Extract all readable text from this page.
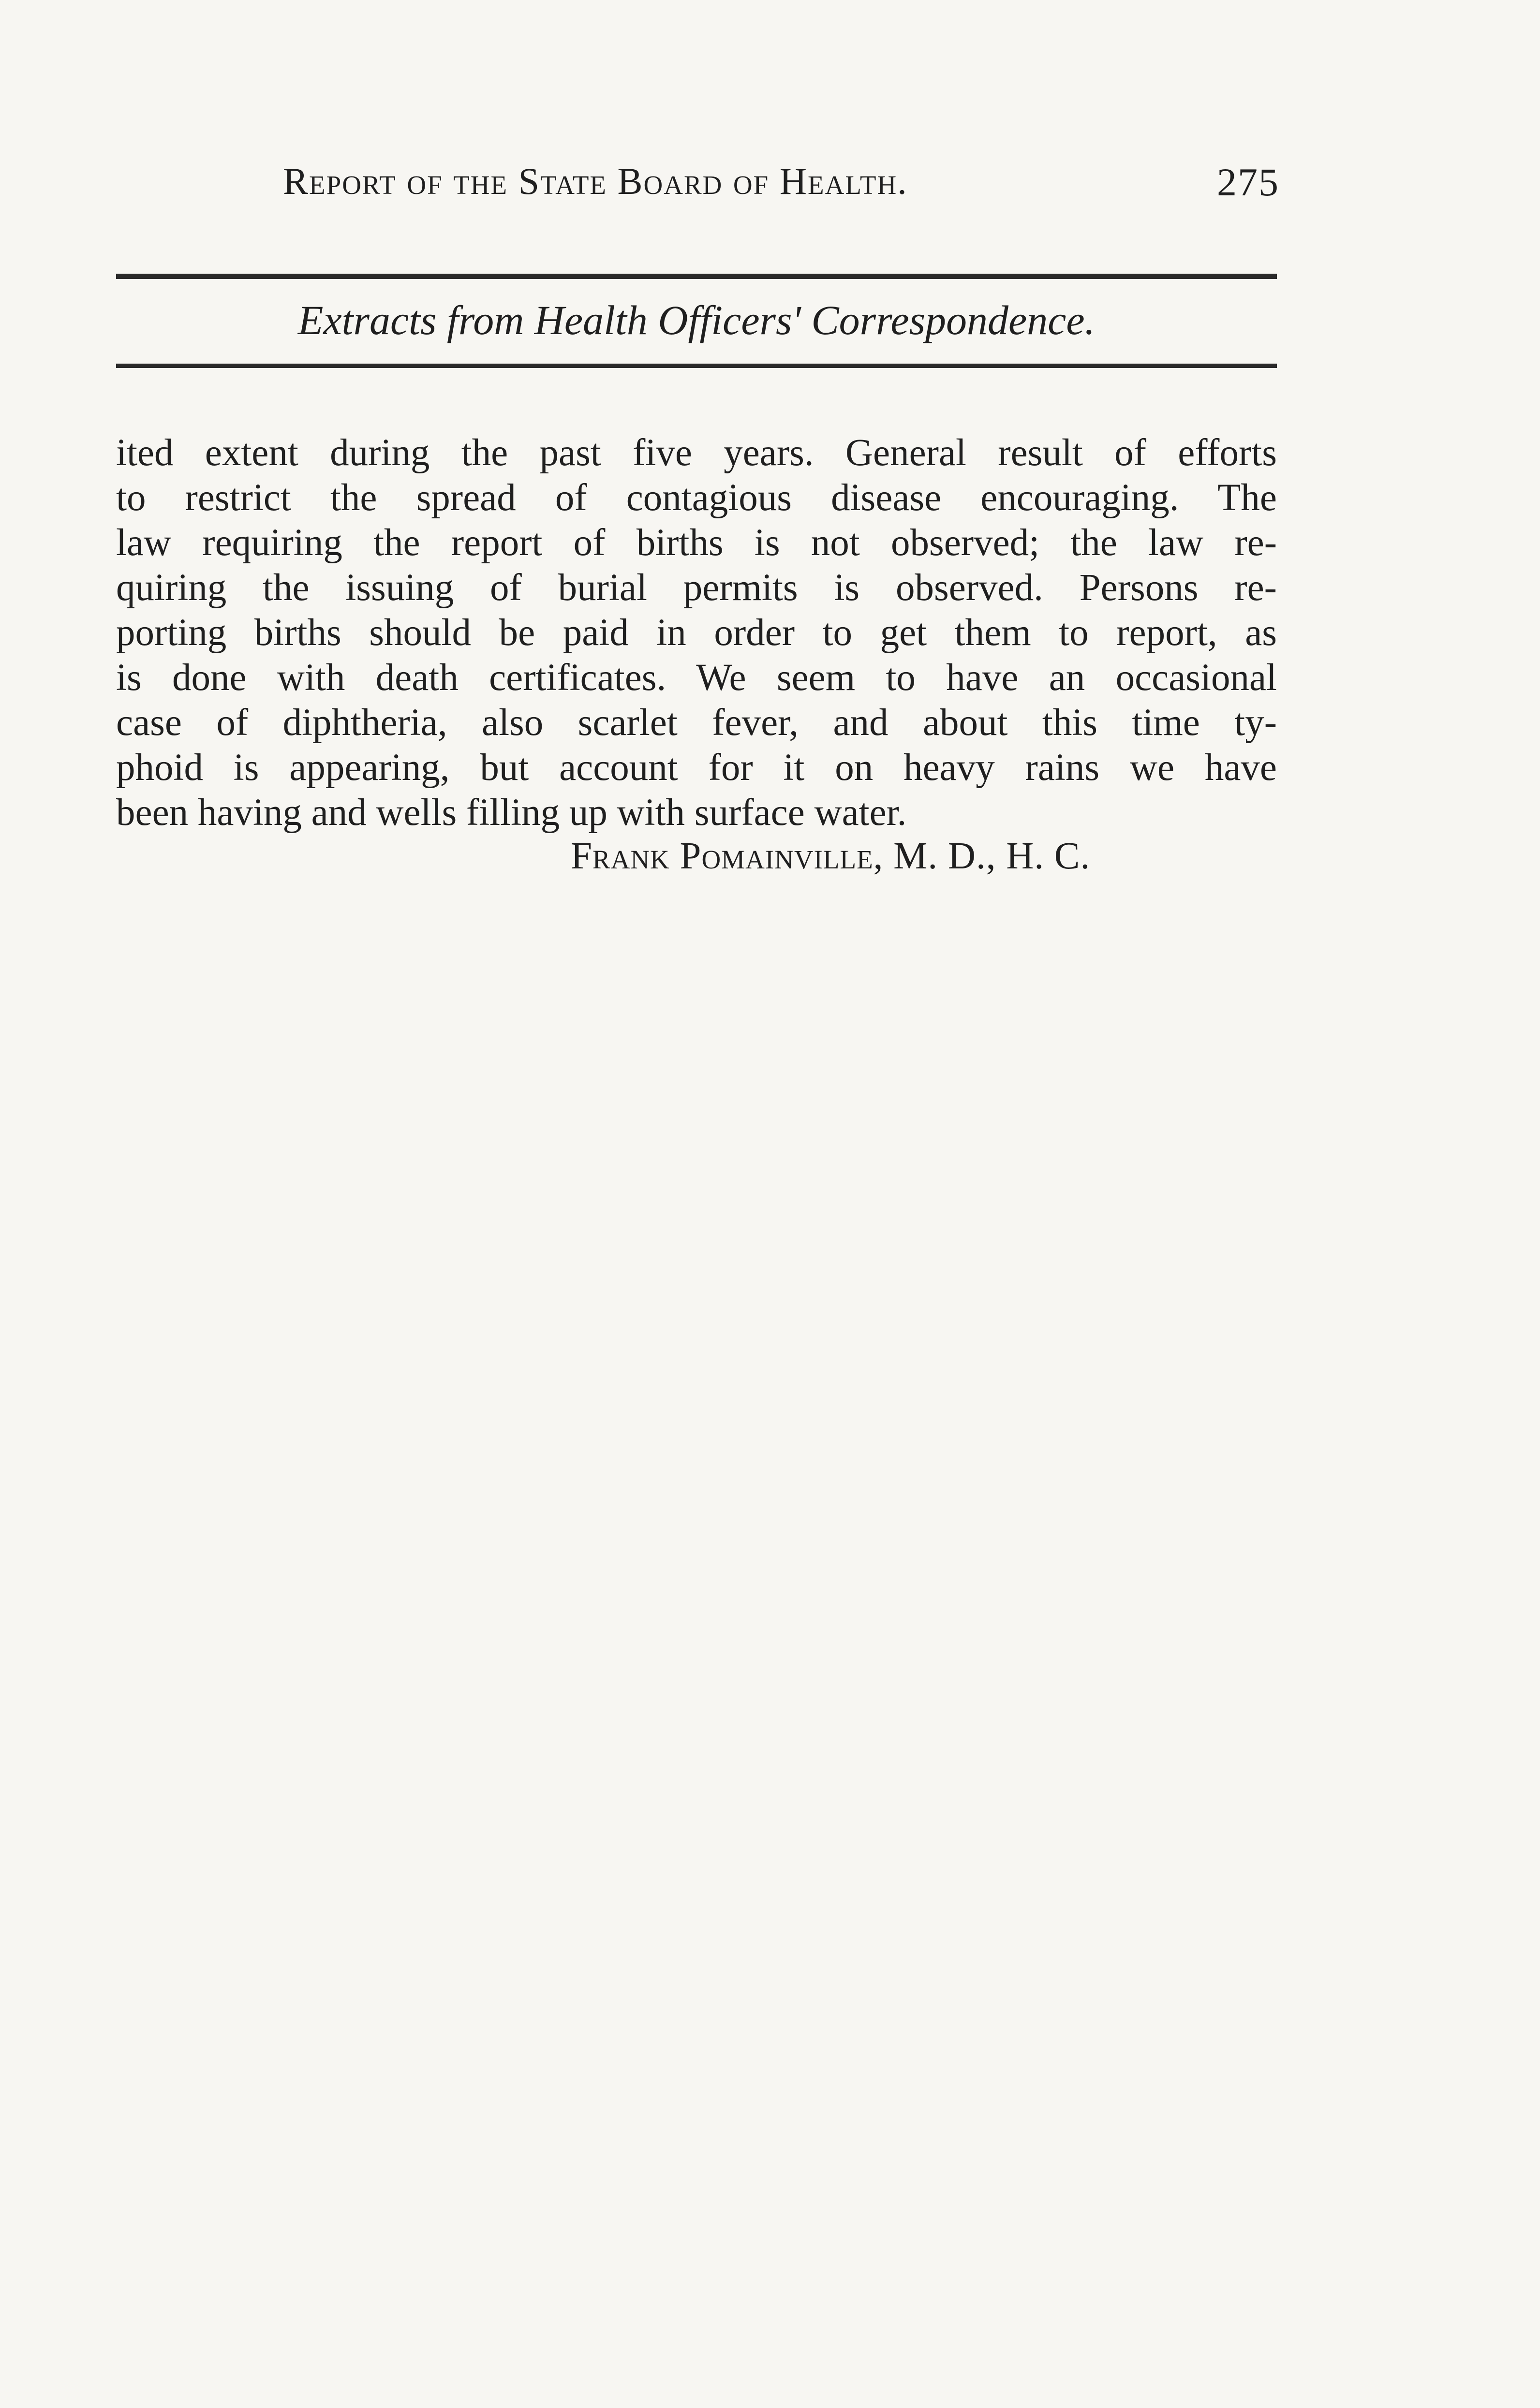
Report of the State Board of Health.	275
Extracts from Health Officers' Correspondence.
ited extent during the past five years. General result of efforts
to restrict the spread of contagious disease encouraging. The
law requiring the report of births is not observed; the law re-
quiring the issuing of burial permits is observed. Persons re-
porting births should be paid in order to get them to report, as
is done with death certificates. We seem to have an occasional
case of diphtheria, also scarlet fever, and about this time ty-
phoid is appearing, but account for it on heavy rains we have
been having and wells filling up with surface water.
Frank Pomainville, M. D., H. C.
